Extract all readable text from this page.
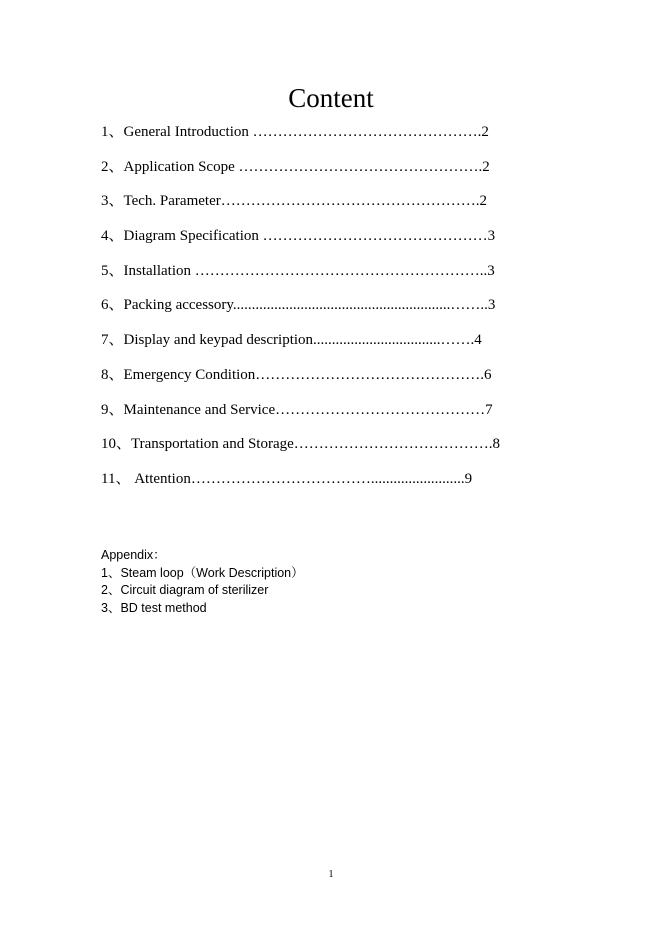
Content
1、General Introduction ……………………………………….2
2、Application Scope ………………………………………….2
3、Tech. Parameter…………………………………………….2
4、Diagram Specification ………………………………………3
5、Installation …………………………………………………..3
6、Packing accessory..........................................................……..3
7、Display and keypad description..................................…….4
8、Emergency Condition……………………………………….6
9、Maintenance and Service……………………………………7
10、Transportation and Storage………………………………….8
11、 Attention……………………………….........................9
Appendix：
1、Steam loop（Work Description）
2、Circuit diagram of sterilizer
3、BD test method
1
